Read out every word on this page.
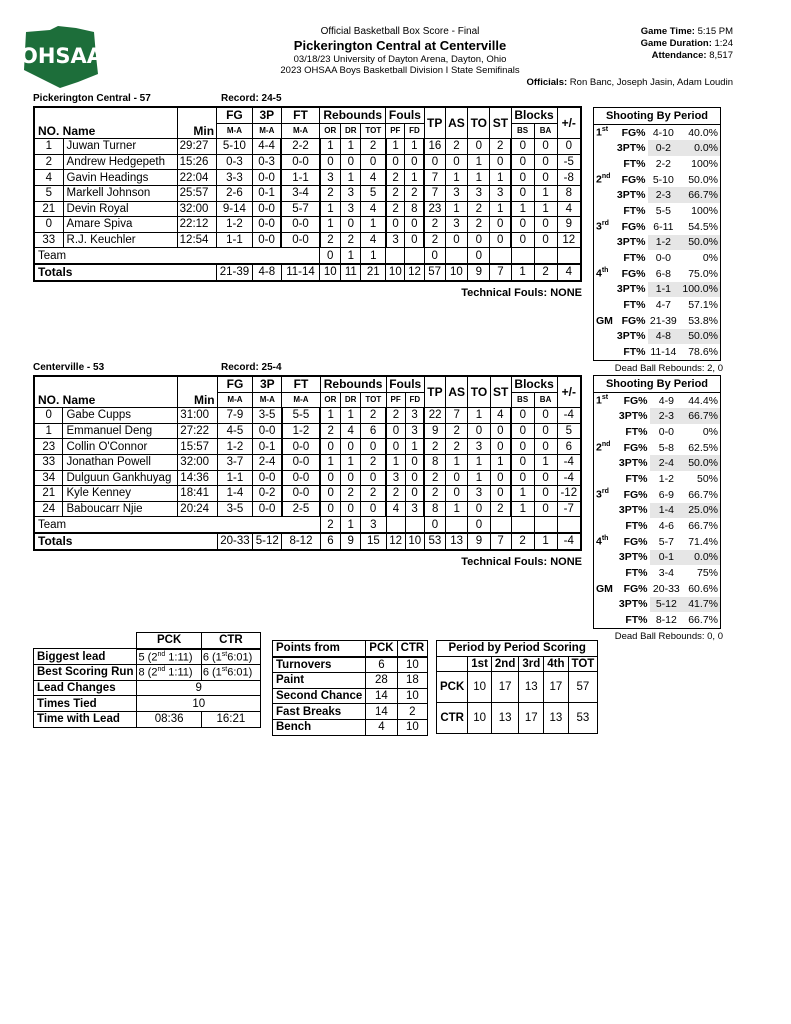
OHSAA
Official Basketball Box Score - Final
Pickerington Central at Centerville
03/18/23 University of Dayton Arena, Dayton, Ohio
2023 OHSAA Boys Basketball Division I State Semifinals
Game Time: 5:15 PM
Game Duration: 1:24
Attendance: 8,517
Officials: Ron Banc, Joseph Jasin, Adam Loudin
Pickerington Central - 57	Record: 24-5
NO. Name		Min	FG	3P	FT	Rebounds			Fouls		TP	AS	TO	ST	Blocks		+/-
			M-A	M-A	M-A	OR	DR	TOT	PF	FD					BS	BA	
1	Juwan Turner	29:27	5-10	4-4	2-2	1	1	2	1	1	16	2	0	2	0	0	0
2	Andrew Hedgepeth	15:26	0-3	0-3	0-0	0	0	0	0	0	0	0	1	0	0	0	-5
4	Gavin Headings	22:04	3-3	0-0	1-1	3	1	4	2	1	7	1	1	1	0	0	-8
5	Markell Johnson	25:57	2-6	0-1	3-4	2	3	5	2	2	7	3	3	3	0	1	8
21	Devin Royal	32:00	9-14	0-0	5-7	1	3	4	2	8	23	1	2	1	1	1	4
0	Amare Spiva	22:12	1-2	0-0	0-0	1	0	1	0	0	2	3	2	0	0	0	9
33	R.J. Keuchler	12:54	1-1	0-0	0-0	2	2	4	3	0	2	0	0	0	0	0	12
Team						0	1	1			0		0				
Totals			21-39	4-8	11-14	10	11	21	10	12	57	10	9	7	1	2	4
Technical Fouls: NONE
Centerville - 53	Record: 25-4
NO. Name		Min	FG	3P	FT	Rebounds			Fouls		TP	AS	TO	ST	Blocks		+/-
			M-A	M-A	M-A	OR	DR	TOT	PF	FD					BS	BA	
0	Gabe Cupps	31:00	7-9	3-5	5-5	1	1	2	2	3	22	7	1	4	0	0	-4
1	Emmanuel Deng	27:22	4-5	0-0	1-2	2	4	6	0	3	9	2	0	0	0	0	5
23	Collin O'Connor	15:57	1-2	0-1	0-0	0	0	0	0	1	2	2	3	0	0	0	6
33	Jonathan Powell	32:00	3-7	2-4	0-0	1	1	2	1	0	8	1	1	1	0	1	-4
34	Dulguun Gankhuyag	14:36	1-1	0-0	0-0	0	0	0	3	0	2	0	1	0	0	0	-4
21	Kyle Kenney	18:41	1-4	0-2	0-0	0	2	2	2	0	2	0	3	0	1	0	-12
24	Baboucarr Njie	20:24	3-5	0-0	2-5	0	0	0	4	3	8	1	0	2	1	0	-7
Team						2	1	3			0		0				
Totals			20-33	5-12	8-12	6	9	15	12	10	53	13	9	7	2	1	-4
Technical Fouls: NONE
Shooting By Period			
1st	FG%	4-10	40.0%
	3PT%	0-2	0.0%
	FT%	2-2	100%
2nd	FG%	5-10	50.0%
	3PT%	2-3	66.7%
	FT%	5-5	100%
3rd	FG%	6-11	54.5%
	3PT%	1-2	50.0%
	FT%	0-0	0%
4th	FG%	6-8	75.0%
	3PT%	1-1	100.0%
	FT%	4-7	57.1%
GM	FG%	21-39	53.8%
	3PT%	4-8	50.0%
	FT%	11-14	78.6%
Dead Ball Rebounds: 2, 0
Shooting By Period			
1st	FG%	4-9	44.4%
	3PT%	2-3	66.7%
	FT%	0-0	0%
2nd	FG%	5-8	62.5%
	3PT%	2-4	50.0%
	FT%	1-2	50%
3rd	FG%	6-9	66.7%
	3PT%	1-4	25.0%
	FT%	4-6	66.7%
4th	FG%	5-7	71.4%
	3PT%	0-1	0.0%
	FT%	3-4	75%
GM	FG%	20-33	60.6%
	3PT%	5-12	41.7%
	FT%	8-12	66.7%
Dead Ball Rebounds: 0, 0
	PCK	CTR
Biggest lead	5 (2nd 1:11)	6 (1st6:01)
Best Scoring Run	8 (2nd 1:11)	6 (1st6:01)
Lead Changes	9	
Times Tied	10	
Time with Lead	08:36	16:21
Points from	PCK	CTR
Turnovers	6	10
Paint	28	18
Second Chance	14	10
Fast Breaks	14	2
Bench	4	10
Period by Period Scoring					
	1st	2nd	3rd	4th	TOT
PCK	10	17	13	17	57
CTR	10	13	17	13	53
